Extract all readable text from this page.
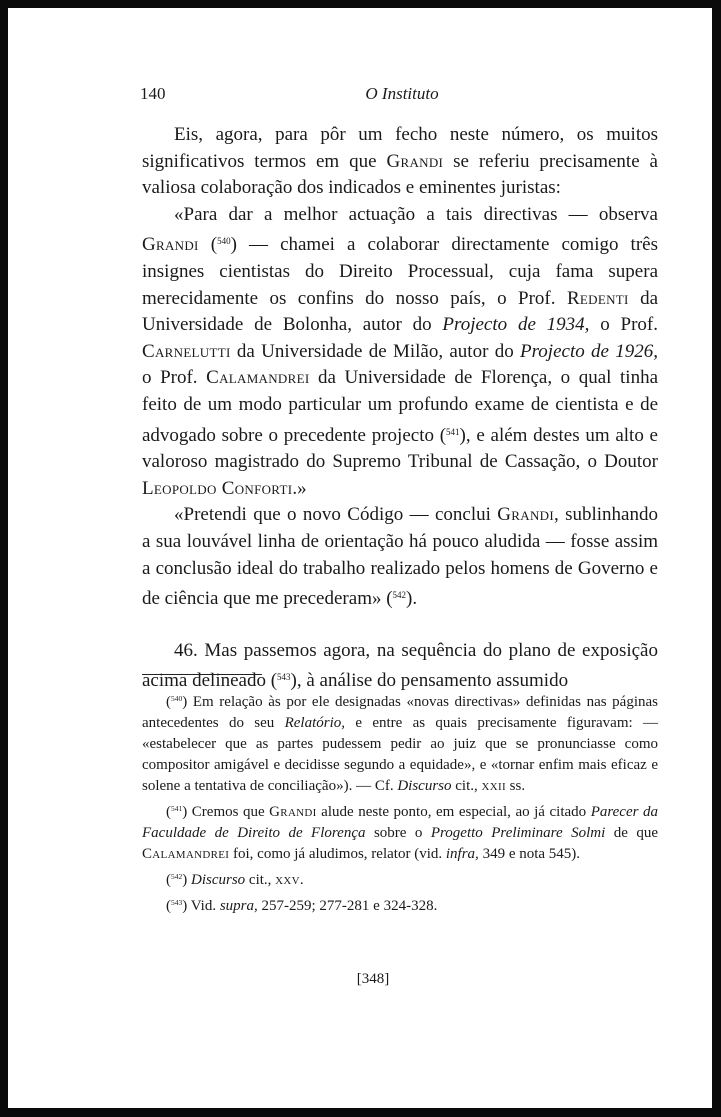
140	O Instituto

Eis, agora, para pôr um fecho neste número, os muitos significativos termos em que Grandi se referiu precisamente à valiosa colaboração dos indicados e eminentes juristas:

«Para dar a melhor actuação a tais directivas — observa Grandi ($^{540}$) — chamei a colaborar directamente comigo três insignes cientistas do Direito Processual, cuja fama supera merecidamente os confins do nosso país, o Prof. Redenti da Universidade de Bolonha, autor do Projecto de 1934, o Prof. Carnelutti da Universidade de Milão, autor do Projecto de 1926, o Prof. Calamandrei da Universidade de Florença, o qual tinha feito de um modo particular um profundo exame de cientista e de advogado sobre o precedente projecto ($^{541}$), e além destes um alto e valoroso magistrado do Supremo Tribunal de Cassação, o Doutor Leopoldo Conforti.»

«Pretendi que o novo Código — conclui Grandi, sublinhando a sua louvável linha de orientação há pouco aludida — fosse assim a conclusão ideal do trabalho realizado pelos homens de Governo e de ciência que me precederam» ($^{542}$).

46. Mas passemos agora, na sequência do plano de exposição acima delineado ($^{543}$), à análise do pensamento assumido

($^{540}$) Em relação às por ele designadas «novas directivas» definidas nas páginas antecedentes do seu Relatório, e entre as quais precisamente figuravam: — «estabelecer que as partes pudessem pedir ao juiz que se pronunciasse como compositor amigável e decidisse segundo a equidade», e «tornar enfim mais eficaz e solene a tentativa de conciliação»). — Cf. Discurso cit., xxii ss.

($^{541}$) Cremos que Grandi alude neste ponto, em especial, ao já citado Parecer da Faculdade de Direito de Florença sobre o Progetto Preliminare Solmi de que Calamandrei foi, como já aludimos, relator (vid. infra, 349 e nota 545).

($^{542}$) Discurso cit., xxv.

($^{543}$) Vid. supra, 257-259; 277-281 e 324-328.

[348]
